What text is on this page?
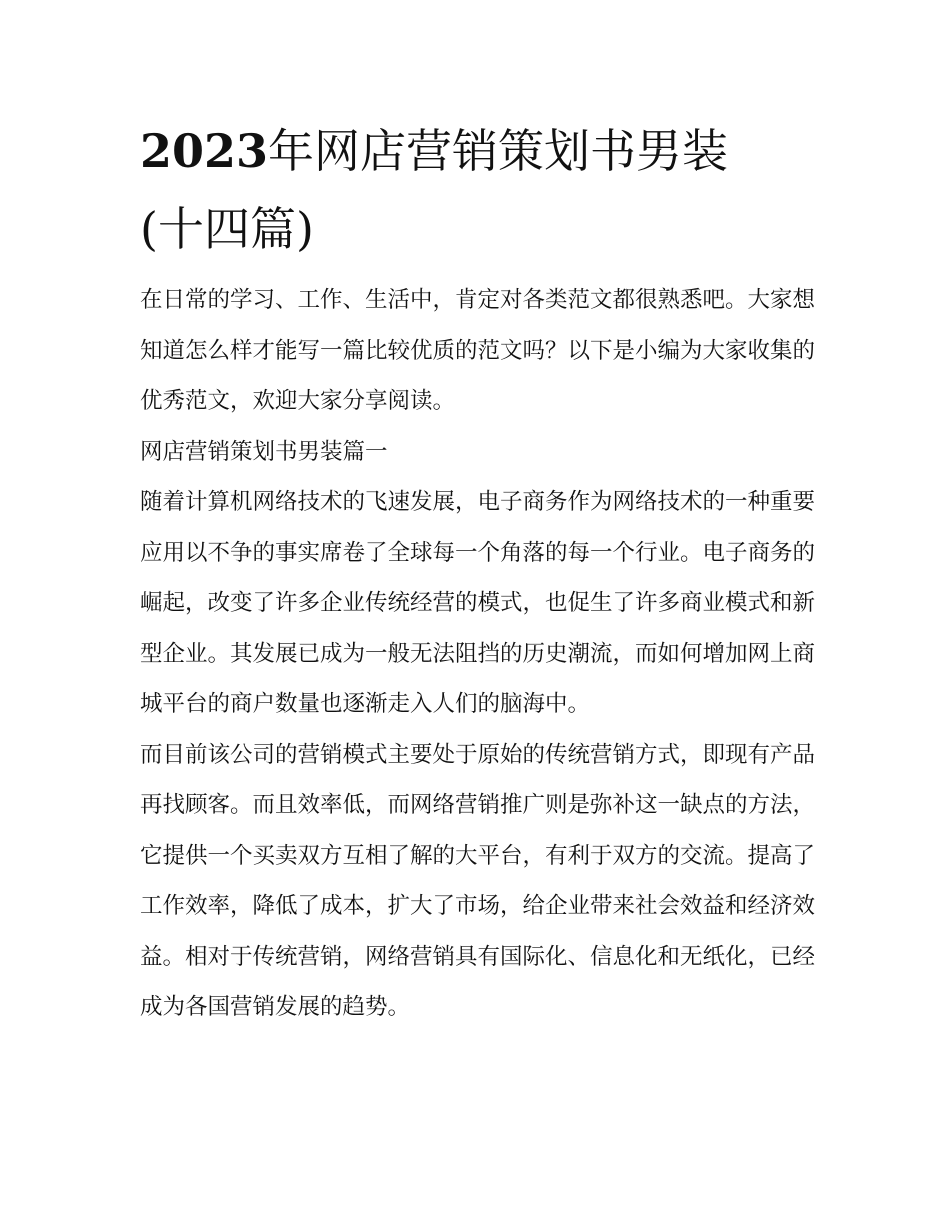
2023年网店营销策划书男装
(十四篇)

在日常的学习、工作、生活中，肯定对各类范文都很熟悉吧。大家想知道怎么样才能写一篇比较优质的范文吗？以下是小编为大家收集的优秀范文，欢迎大家分享阅读。

网店营销策划书男装篇一

随着计算机网络技术的飞速发展，电子商务作为网络技术的一种重要应用以不争的事实席卷了全球每一个角落的每一个行业。电子商务的崛起，改变了许多企业传统经营的模式，也促生了许多商业模式和新型企业。其发展已成为一般无法阻挡的历史潮流，而如何增加网上商城平台的商户数量也逐渐走入人们的脑海中。

而目前该公司的营销模式主要处于原始的传统营销方式，即现有产品再找顾客。而且效率低，而网络营销推广则是弥补这一缺点的方法，它提供一个买卖双方互相了解的大平台，有利于双方的交流。提高了工作效率，降低了成本，扩大了市场，给企业带来社会效益和经济效益。相对于传统营销，网络营销具有国际化、信息化和无纸化，已经成为各国营销发展的趋势。
